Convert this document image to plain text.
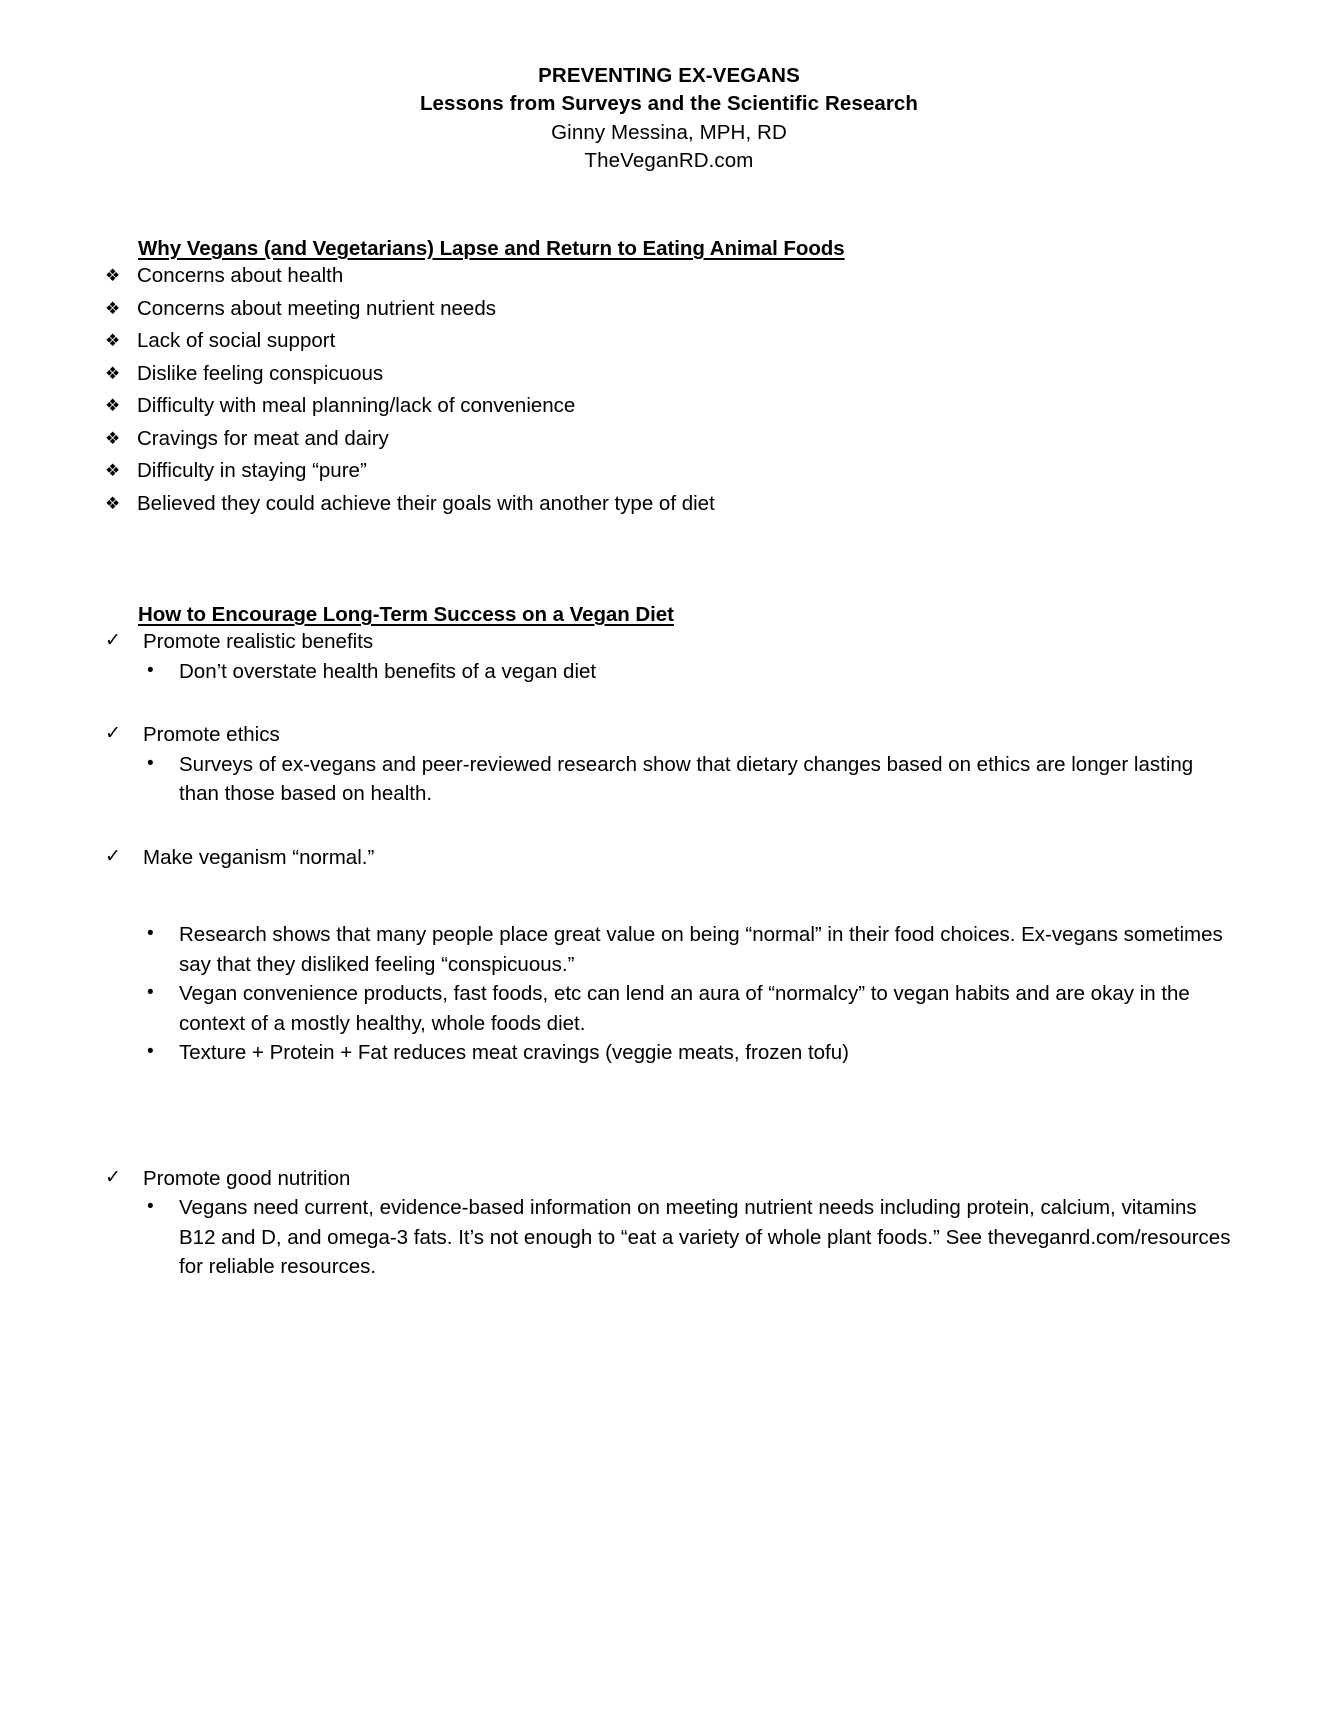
PREVENTING EX-VEGANS
Lessons from Surveys and the Scientific Research
Ginny Messina, MPH, RD
TheVeganRD.com
Why Vegans (and Vegetarians) Lapse and Return to Eating Animal Foods
❖ Concerns about health
❖ Concerns about meeting nutrient needs
❖ Lack of social support
❖ Dislike feeling conspicuous
❖ Difficulty with meal planning/lack of convenience
❖ Cravings for meat and dairy
❖ Difficulty in staying “pure”
❖ Believed they could achieve their goals with another type of diet
How to Encourage Long-Term Success on a Vegan Diet
✓ Promote realistic benefits
• Don’t overstate health benefits of a vegan diet
✓ Promote ethics
• Surveys of ex-vegans and peer-reviewed research show that dietary changes based on ethics are longer lasting than those based on health.
✓ Make veganism “normal.”
• Research shows that many people place great value on being “normal” in their food choices. Ex-vegans sometimes say that they disliked feeling “conspicuous.”
• Vegan convenience products, fast foods, etc can lend an aura of “normalcy” to vegan habits and are okay in the context of a mostly healthy, whole foods diet.
• Texture + Protein + Fat reduces meat cravings (veggie meats, frozen tofu)
✓ Promote good nutrition
• Vegans need current, evidence-based information on meeting nutrient needs including protein, calcium, vitamins B12 and D, and omega-3 fats. It’s not enough to “eat a variety of whole plant foods.” See theveganrd.com/resources for reliable resources.
